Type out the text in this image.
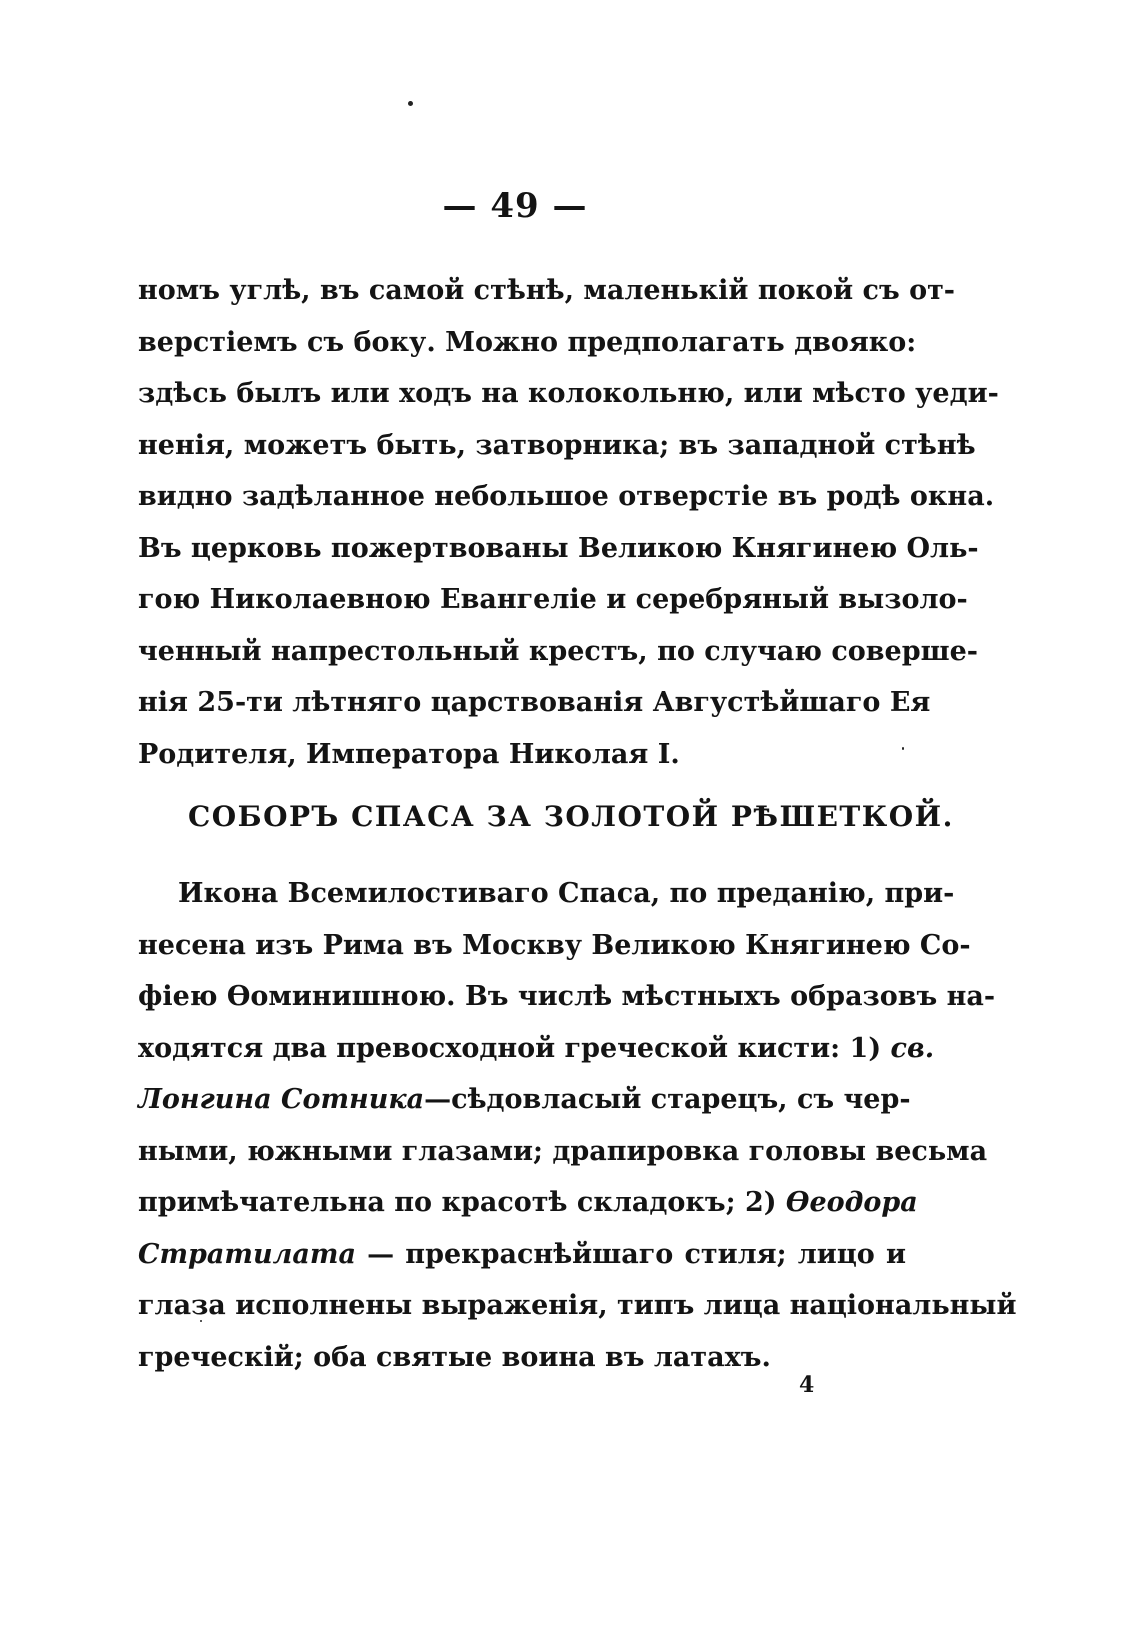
— 49 —
номъ углѣ, въ самой стѣнѣ, маленькій покой съ от-
верстіемъ съ боку. Можно предполагать двояко:
здѣсь былъ или ходъ на колокольню, или мѣсто уеди-
ненія, можетъ быть, затворника; въ западной стѣнѣ
видно задѣланное небольшое отверстіе въ родѣ окна.
Въ церковь пожертвованы Великою Княгинею Оль-
гою Николаевною Евангеліе и серебряный вызоло-
ченный напрестольный крестъ, по случаю соверше-
нія 25-ти лѣтняго царствованія Августѣйшаго Ея
Родителя, Императора Николая I.
СОБОРЪ СПАСА ЗА ЗОЛОТОЙ РѢШЕТКОЙ.
Икона Всемилостиваго Спаса, по преданію, при-
несена изъ Рима въ Москву Великою Княгинею Со-
фіею Ѳоминишною. Въ числѣ мѣстныхъ образовъ на-
ходятся два превосходной греческой кисти: 1) св.
Лонгина Сотника—сѣдовласый старецъ, съ чер-
ными, южными глазами; драпировка головы весьма
примѣчательна по красотѣ складокъ; 2) Ѳеодора
Стратилата — прекраснѣйшаго стиля; лицо и
глаза исполнены выраженія, типъ лица національный
греческій; оба святые воина въ латахъ.
4
